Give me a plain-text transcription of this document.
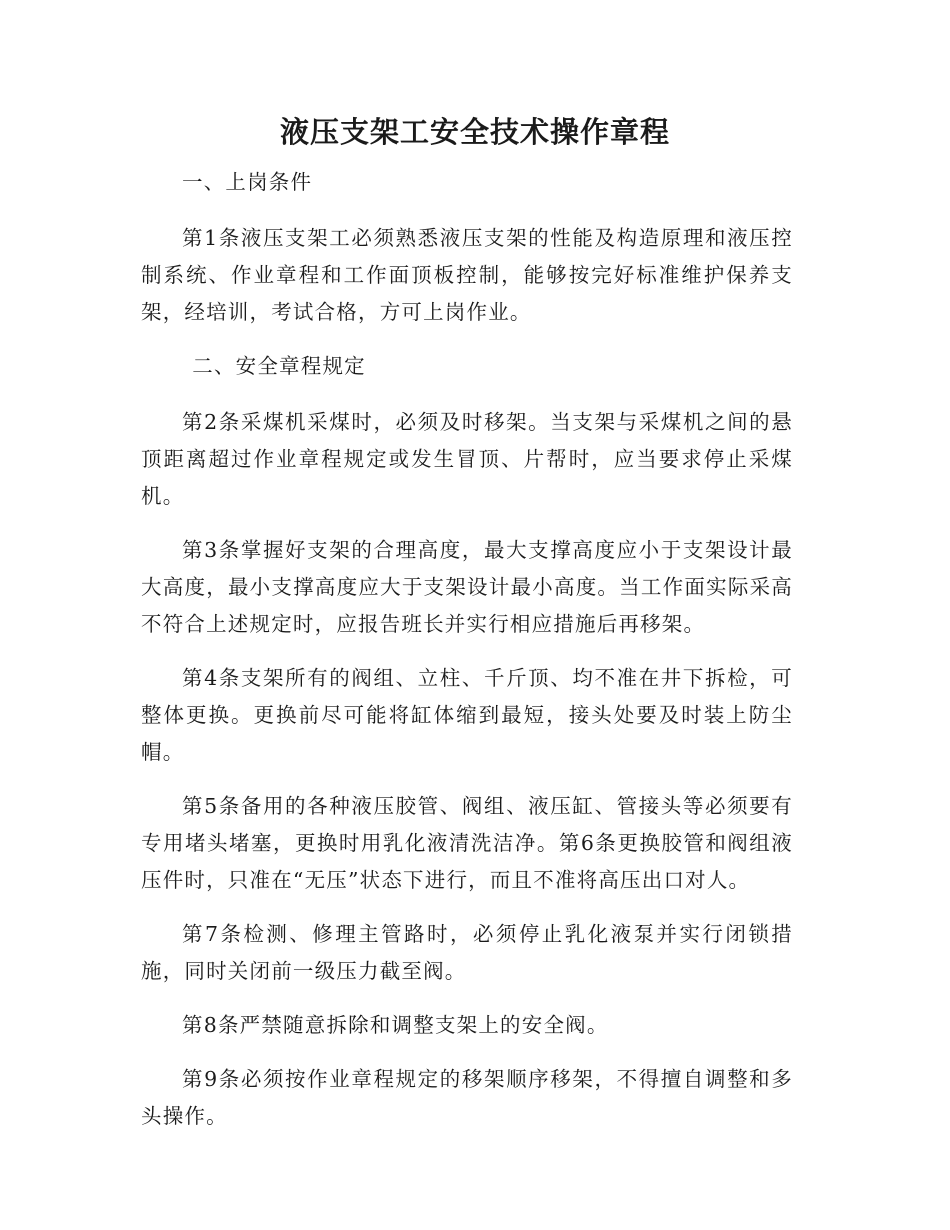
液压支架工安全技术操作章程

一、上岗条件

第1条液压支架工必须熟悉液压支架的性能及构造原理和液压控制系统、作业章程和工作面顶板控制，能够按完好标准维护保养支架，经培训，考试合格，方可上岗作业。

二、安全章程规定

第2条采煤机采煤时，必须及时移架。当支架与采煤机之间的悬顶距离超过作业章程规定或发生冒顶、片帮时，应当要求停止采煤机。

第3条掌握好支架的合理高度，最大支撑高度应小于支架设计最大高度，最小支撑高度应大于支架设计最小高度。当工作面实际采高不符合上述规定时，应报告班长并实行相应措施后再移架。

第4条支架所有的阀组、立柱、千斤顶、均不准在井下拆检，可整体更换。更换前尽可能将缸体缩到最短，接头处要及时装上防尘帽。

第5条备用的各种液压胶管、阀组、液压缸、管接头等必须要有专用堵头堵塞，更换时用乳化液清洗洁净。第6条更换胶管和阀组液压件时，只准在“无压”状态下进行，而且不准将高压出口对人。

第7条检测、修理主管路时，必须停止乳化液泵并实行闭锁措施，同时关闭前一级压力截至阀。

第8条严禁随意拆除和调整支架上的安全阀。

第9条必须按作业章程规定的移架顺序移架，不得擅自调整和多头操作。
